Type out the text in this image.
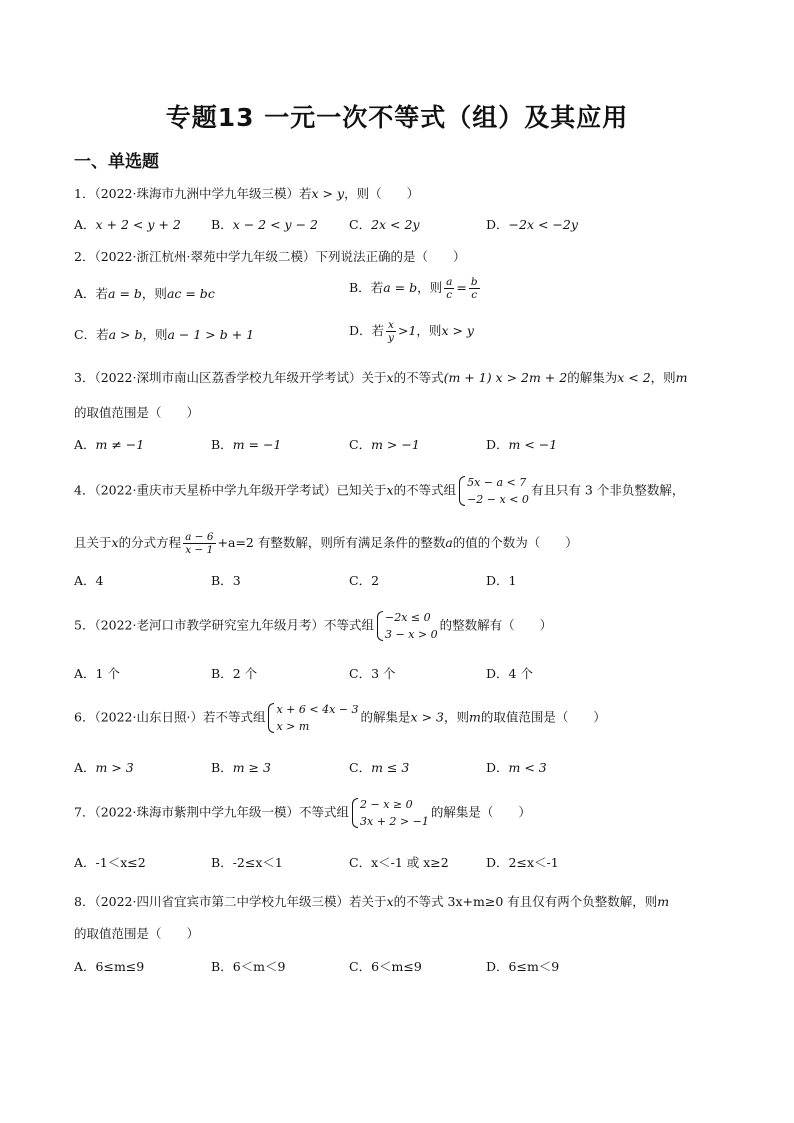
专题13 一元一次不等式（组）及其应用
一、单选题
1．（2022·珠海市九洲中学九年级三模）若x > y，则（　　）
A．x + 2 < y + 2 B．x − 2 < y − 2 C．2x < 2y	D．−2x < −2y
2．（2022·浙江杭州·翠苑中学九年级二模）下列说法正确的是（　　）
A．若a = b，则ac = bc	B．若a = b，则 $\frac{a}{c} = \frac{b}{c}$
C．若a > b，则a − 1 > b + 1	D．若 $\frac{x}{y} >1$，则x > y
3．（2022·深圳市南山区荔香学校九年级开学考试）关于x的不等式(m + 1) x > 2m + 2的解集为x < 2，则m
的取值范围是（　　）
A．m ≠ −1	B．m = −1	C．m > −1	D．m < −1
4．（2022·重庆市天星桥中学九年级开学考试）已知关于x的不等式组 5x − a < 7
−2 − x < 0
有且只有 3 个非负整数解，
且关于x的分式方程 $\frac{a - 6}{x - 1} +a=2$ 有整数解，则所有满足条件的整数a的值的个数为（　　）
A．4	B．3	C．2	D．1
5．（2022·老河口市教学研究室九年级月考）不等式组 −2x ≤ 0
3 − x > 0
的整数解有（　　）
A．1 个	B．2 个	C．3 个	D．4 个
6．（2022·山东日照·）若不等式组 x + 6 < 4x − 3
x > m
的解集是x > 3，则m的取值范围是（　　）
A．m > 3	B．m ≥ 3	C．m ≤ 3	D．m < 3
7．（2022·珠海市紫荆中学九年级一模）不等式组 2 − x ≥ 0
3x + 2 > −1
的解集是（　　）
A．-1＜x≤2	B．-2≤x＜1	C．x＜-1 或 x≥2	D．2≤x＜-1
8．（2022·四川省宜宾市第二中学校九年级三模）若关于x的不等式 3x+m≥0 有且仅有两个负整数解，则m
的取值范围是（　　）
A．6≤m≤9	B．6＜m＜9	C．6＜m≤9	D．6≤m＜9
